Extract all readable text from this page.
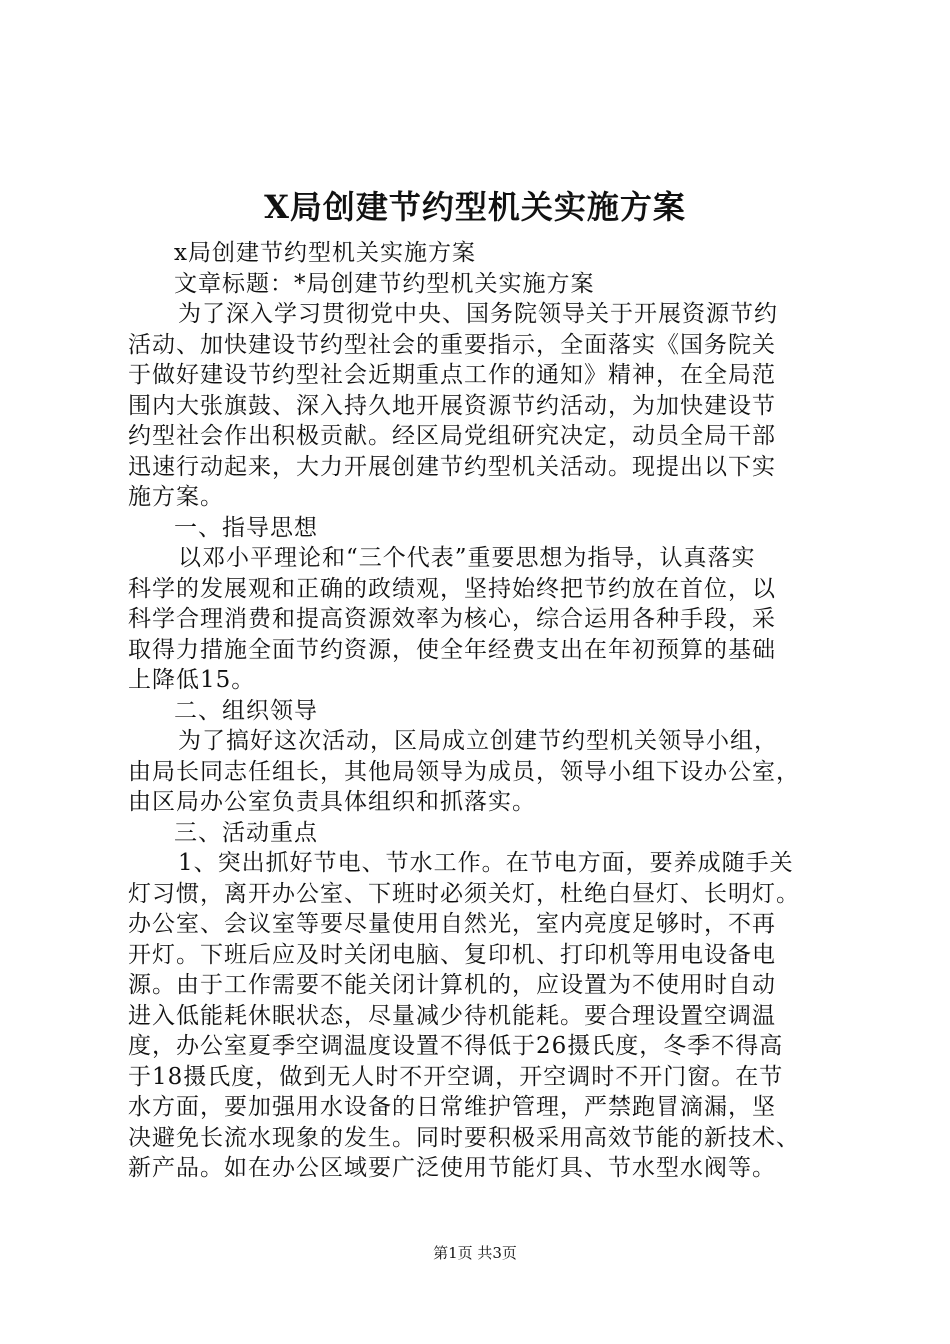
X局创建节约型机关实施方案
x局创建节约型机关实施方案
文章标题：*局创建节约型机关实施方案
为了深入学习贯彻党中央、国务院领导关于开展资源节约
活动、加快建设节约型社会的重要指示，全面落实《国务院关
于做好建设节约型社会近期重点工作的通知》精神，在全局范
围内大张旗鼓、深入持久地开展资源节约活动，为加快建设节
约型社会作出积极贡献。经区局党组研究决定，动员全局干部
迅速行动起来，大力开展创建节约型机关活动。现提出以下实
施方案。
一、指导思想
以邓小平理论和“三个代表”重要思想为指导，认真落实
科学的发展观和正确的政绩观，坚持始终把节约放在首位，以
科学合理消费和提高资源效率为核心，综合运用各种手段，采
取得力措施全面节约资源，使全年经费支出在年初预算的基础
上降低15。
二、组织领导
为了搞好这次活动，区局成立创建节约型机关领导小组，
由局长同志任组长，其他局领导为成员，领导小组下设办公室，
由区局办公室负责具体组织和抓落实。
三、活动重点
1、突出抓好节电、节水工作。在节电方面，要养成随手关
灯习惯，离开办公室、下班时必须关灯，杜绝白昼灯、长明灯。
办公室、会议室等要尽量使用自然光，室内亮度足够时，不再
开灯。下班后应及时关闭电脑、复印机、打印机等用电设备电
源。由于工作需要不能关闭计算机的，应设置为不使用时自动
进入低能耗休眠状态，尽量减少待机能耗。要合理设置空调温
度，办公室夏季空调温度设置不得低于26摄氏度，冬季不得高
于18摄氏度，做到无人时不开空调，开空调时不开门窗。在节
水方面，要加强用水设备的日常维护管理，严禁跑冒滴漏，坚
决避免长流水现象的发生。同时要积极采用高效节能的新技术、
新产品。如在办公区域要广泛使用节能灯具、节水型水阀等。
第1页 共3页
